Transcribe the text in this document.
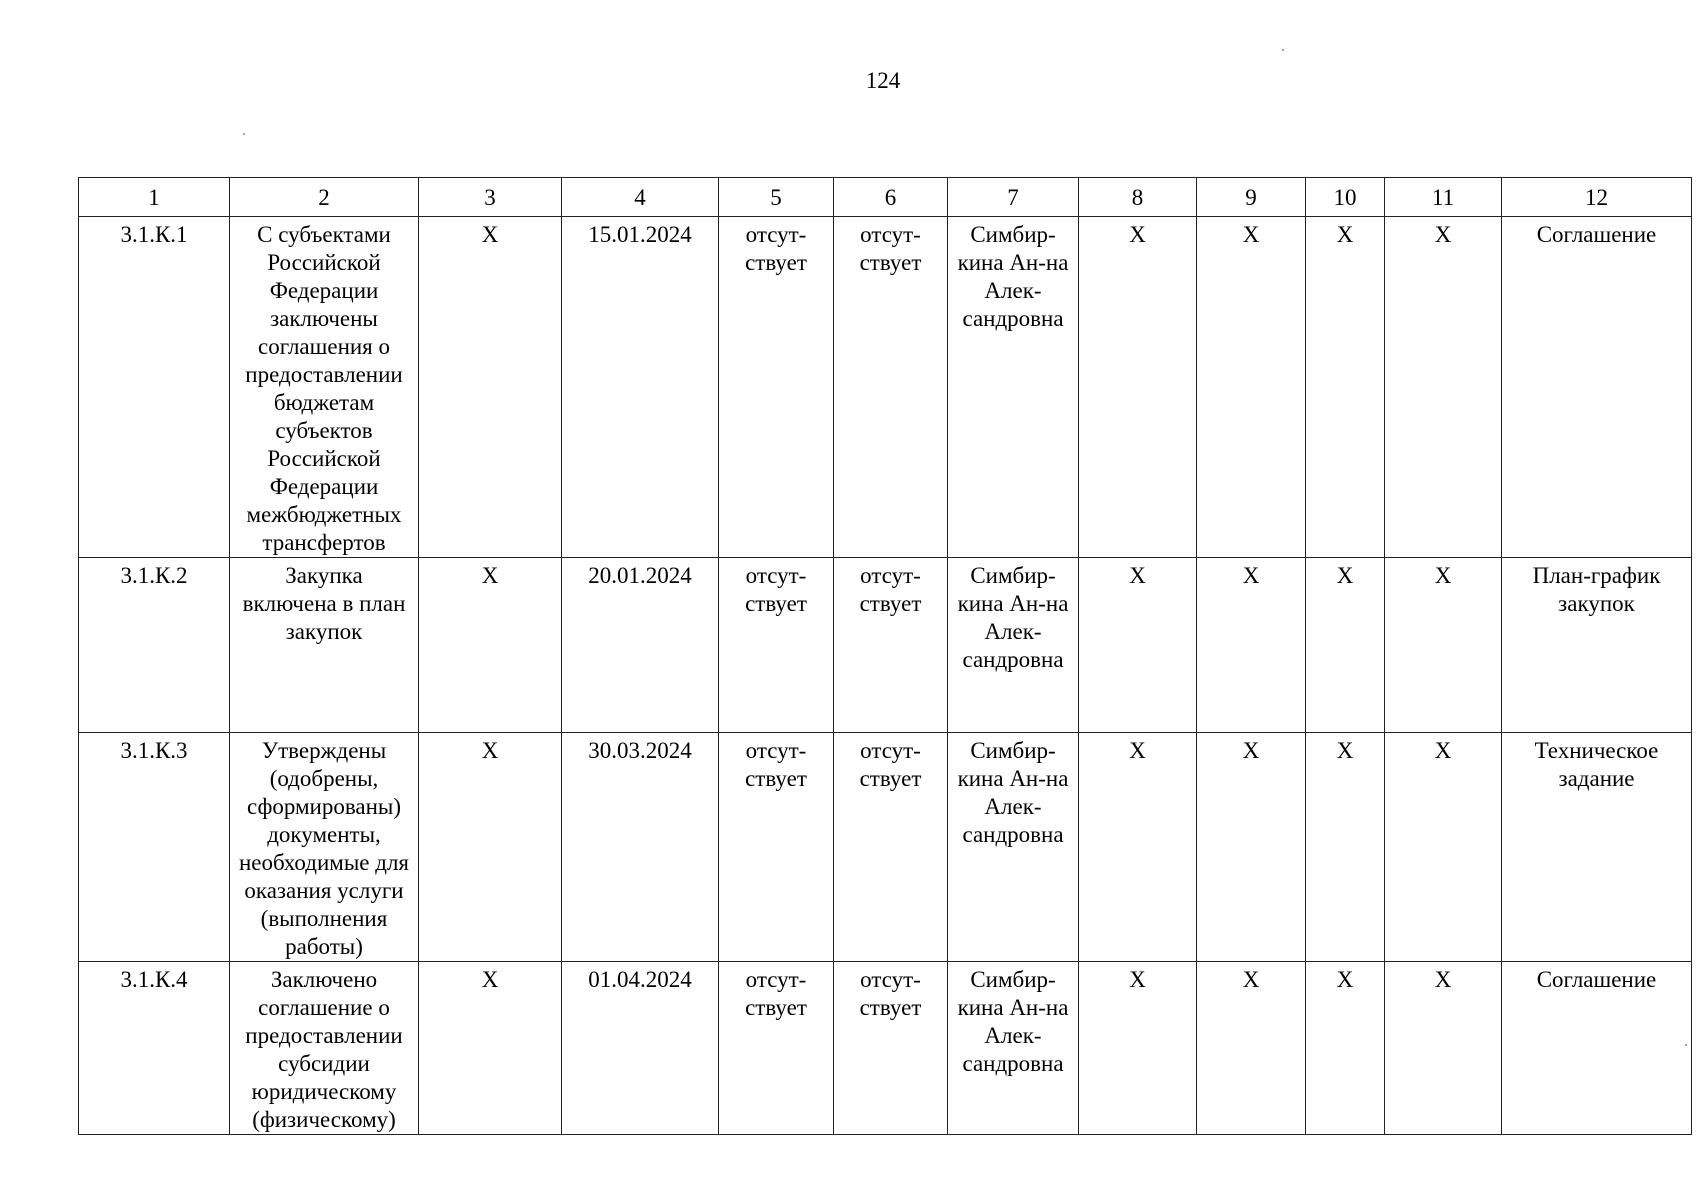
124
1	2	3	4	5	6	7	8	9	10	11	12
3.1.К.1	С субъектами Российской Федерации заключены соглашения о предоставлении бюджетам субъектов Российской Федерации межбюджетных трансфертов	X	15.01.2024	отсут-ствует	отсут-ствует	Симбир-кина Ан-на Алек-сандровна	X	X	X	X	Соглашение
3.1.К.2	Закупка включена в план закупок	X	20.01.2024	отсут-ствует	отсут-ствует	Симбир-кина Ан-на Алек-сандровна	X	X	X	X	План-график закупок
3.1.К.3	Утверждены (одобрены, сформированы) документы, необходимые для оказания услуги (выполнения работы)	X	30.03.2024	отсут-ствует	отсут-ствует	Симбир-кина Ан-на Алек-сандровна	X	X	X	X	Техническое задание
3.1.К.4	Заключено соглашение о предоставлении субсидии юридическому (физическому)	X	01.04.2024	отсут-ствует	отсут-ствует	Симбир-кина Ан-на Алек-сандровна	X	X	X	X	Соглашение
